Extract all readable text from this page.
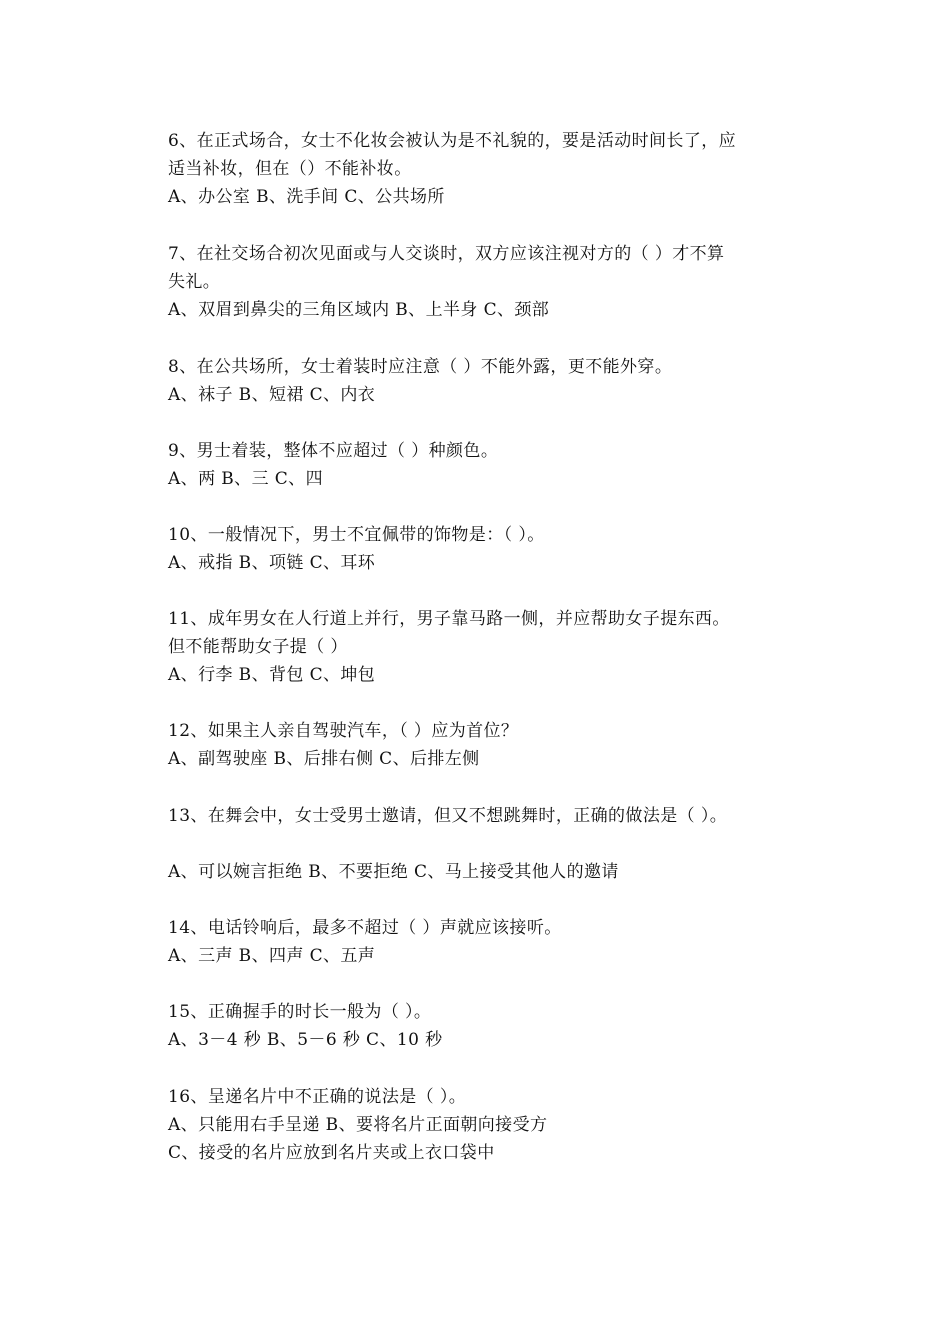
6、在正式场合，女士不化妆会被认为是不礼貌的，要是活动时间长了，应
适当补妆，但在（）不能补妆。
A、办公室 B、洗手间 C、公共场所
7、在社交场合初次见面或与人交谈时，双方应该注视对方的（ ）才不算
失礼。
A、双眉到鼻尖的三角区域内 B、上半身 C、颈部
8、在公共场所，女士着装时应注意（ ）不能外露，更不能外穿。
A、袜子 B、短裙 C、内衣
9、男士着装，整体不应超过（ ）种颜色。
A、两 B、三 C、四
10、一般情况下，男士不宜佩带的饰物是：（ ）。
A、戒指 B、项链 C、耳环
11、成年男女在人行道上并行，男子靠马路一侧，并应帮助女子提东西。
但不能帮助女子提（ ）
A、行李 B、背包 C、坤包
12、如果主人亲自驾驶汽车，（ ）应为首位？
A、副驾驶座 B、后排右侧 C、后排左侧
13、在舞会中，女士受男士邀请，但又不想跳舞时，正确的做法是（ ）。
A、可以婉言拒绝 B、不要拒绝 C、马上接受其他人的邀请
14、电话铃响后，最多不超过（ ）声就应该接听。
A、三声 B、四声 C、五声
15、正确握手的时长一般为（ ）。
A、3－4 秒 B、5－6 秒 C、10 秒
16、呈递名片中不正确的说法是（ ）。
A、只能用右手呈递 B、要将名片正面朝向接受方
C、接受的名片应放到名片夹或上衣口袋中
